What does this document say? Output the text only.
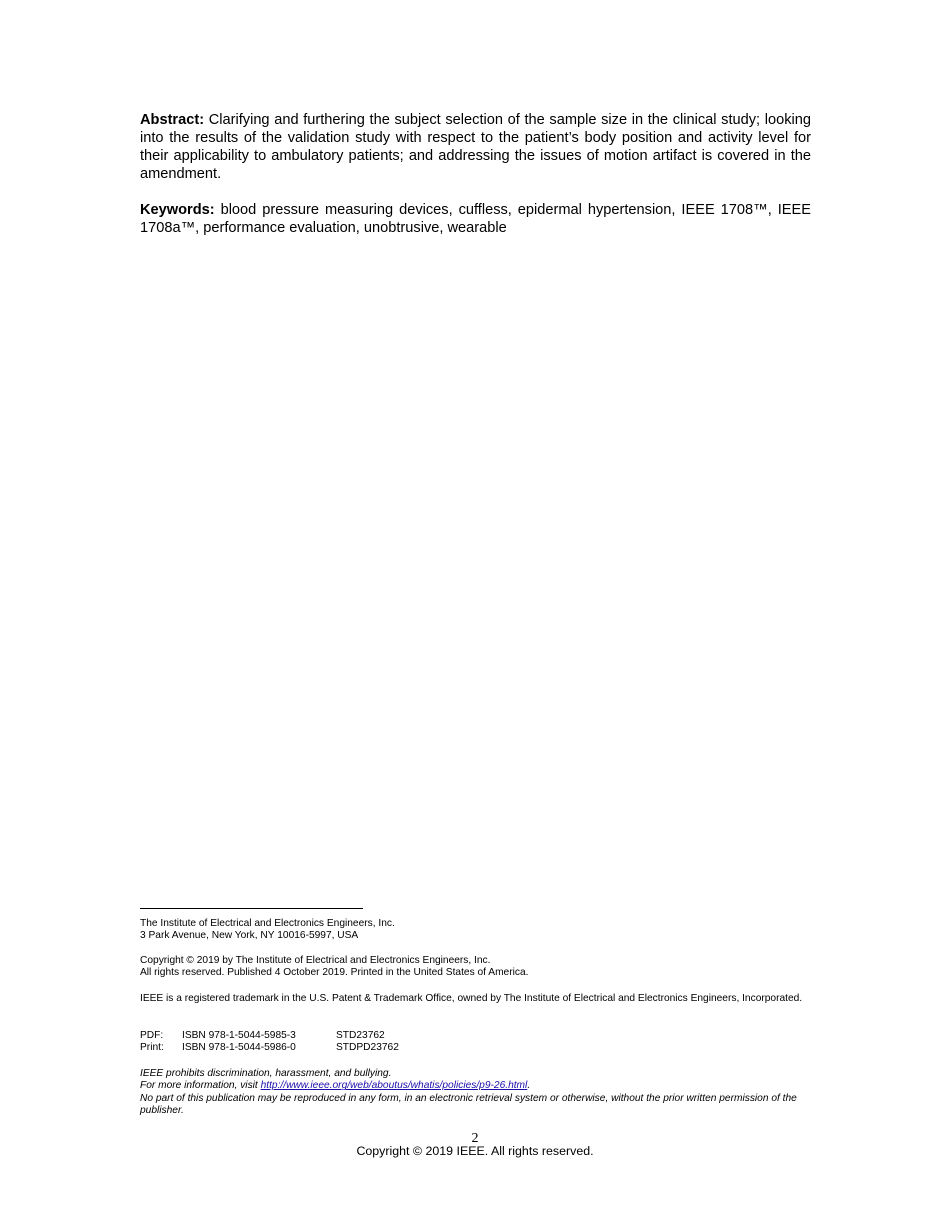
Abstract: Clarifying and furthering the subject selection of the sample size in the clinical study; looking into the results of the validation study with respect to the patient’s body position and activity level for their applicability to ambulatory patients; and addressing the issues of motion artifact is covered in the amendment.

Keywords: blood pressure measuring devices, cuffless, epidermal hypertension, IEEE 1708™, IEEE 1708a™, performance evaluation, unobtrusive, wearable

The Institute of Electrical and Electronics Engineers, Inc.
3 Park Avenue, New York, NY 10016-5997, USA
Copyright © 2019 by The Institute of Electrical and Electronics Engineers, Inc.
All rights reserved. Published 4 October 2019. Printed in the United States of America.
IEEE is a registered trademark in the U.S. Patent & Trademark Office, owned by The Institute of Electrical and Electronics Engineers, Incorporated.
PDF:	ISBN 978-1-5044-5985-3	STD23762
Print:	ISBN 978-1-5044-5986-0	STDPD23762
IEEE prohibits discrimination, harassment, and bullying.
For more information, visit http://www.ieee.org/web/aboutus/whatis/policies/p9-26.html.
No part of this publication may be reproduced in any form, in an electronic retrieval system or otherwise, without the prior written permission of the publisher.
2
Copyright © 2019 IEEE. All rights reserved.
